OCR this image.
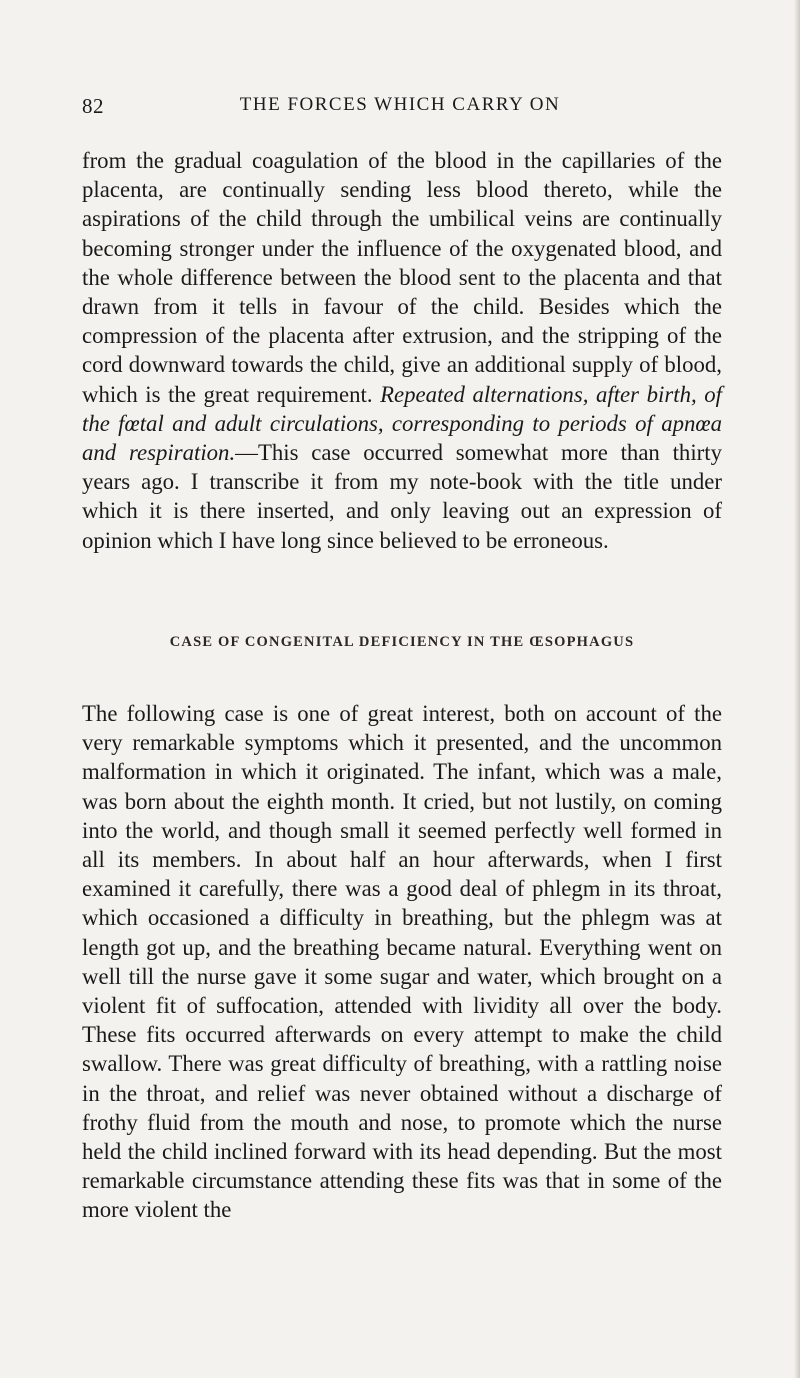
82	THE FORCES WHICH CARRY ON

from the gradual coagulation of the blood in the capillaries of the placenta, are continually sending less blood thereto, while the aspirations of the child through the umbilical veins are continually becoming stronger under the influence of the oxygenated blood, and the whole difference between the blood sent to the placenta and that drawn from it tells in favour of the child. Besides which the compression of the placenta after extrusion, and the stripping of the cord downward towards the child, give an additional supply of blood, which is the great requirement. Repeated alternations, after birth, of the fœtal and adult circulations, corresponding to periods of apnœa and respiration.—This case occurred somewhat more than thirty years ago. I transcribe it from my note-book with the title under which it is there inserted, and only leaving out an expression of opinion which I have long since believed to be erroneous.

CASE OF CONGENITAL DEFICIENCY IN THE ŒSOPHAGUS

The following case is one of great interest, both on account of the very remarkable symptoms which it presented, and the uncommon malformation in which it originated. The infant, which was a male, was born about the eighth month. It cried, but not lustily, on coming into the world, and though small it seemed perfectly well formed in all its members. In about half an hour afterwards, when I first examined it carefully, there was a good deal of phlegm in its throat, which occasioned a difficulty in breathing, but the phlegm was at length got up, and the breathing became natural. Everything went on well till the nurse gave it some sugar and water, which brought on a violent fit of suffocation, attended with lividity all over the body. These fits occurred afterwards on every attempt to make the child swallow. There was great difficulty of breathing, with a rattling noise in the throat, and relief was never obtained without a discharge of frothy fluid from the mouth and nose, to promote which the nurse held the child inclined forward with its head depending. But the most remarkable circumstance attending these fits was that in some of the more violent the
